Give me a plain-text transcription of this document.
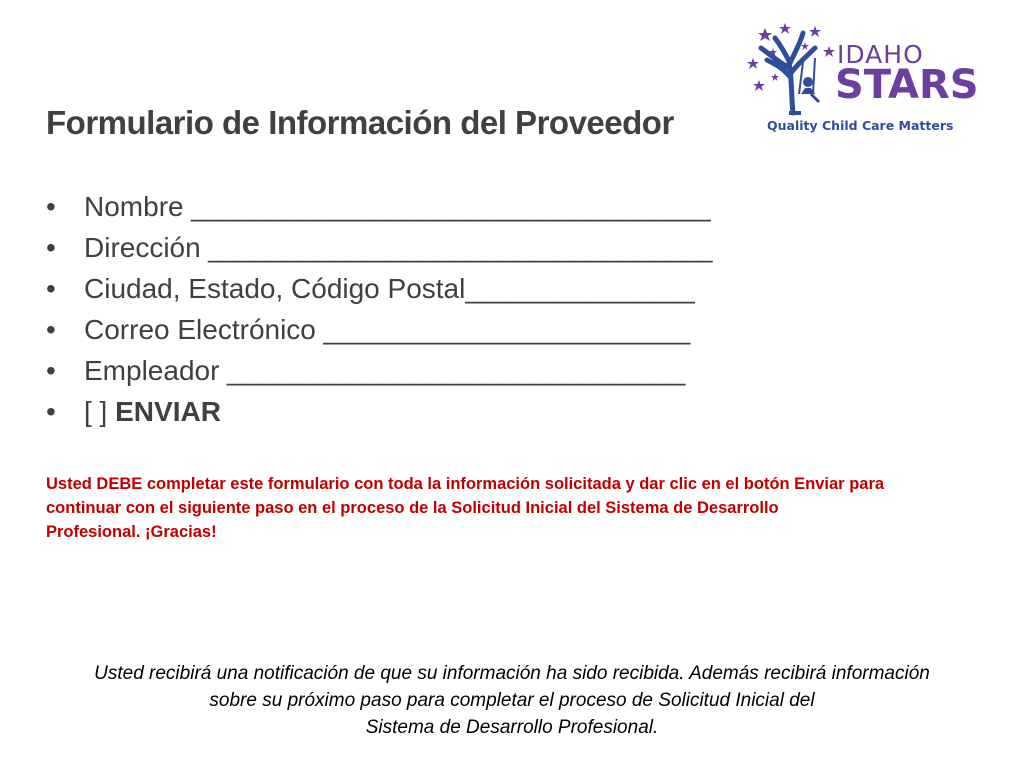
IDAHO
STARS
Quality Child Care Matters
Formulario de Información del Proveedor
• Nombre __________________________________
• Dirección _________________________________
• Ciudad, Estado, Código Postal_______________
• Correo Electrónico ________________________
• Empleador ______________________________
• [ ] ENVIAR
Usted DEBE completar este formulario con toda la información solicitada y dar clic en el botón Enviar para
continuar con el siguiente paso en el proceso de la Solicitud Inicial del Sistema de Desarrollo
Profesional. ¡Gracias!
Usted recibirá una notificación de que su información ha sido recibida. Además recibirá información
sobre su próximo paso para completar el proceso de Solicitud Inicial del
Sistema de Desarrollo Profesional.
